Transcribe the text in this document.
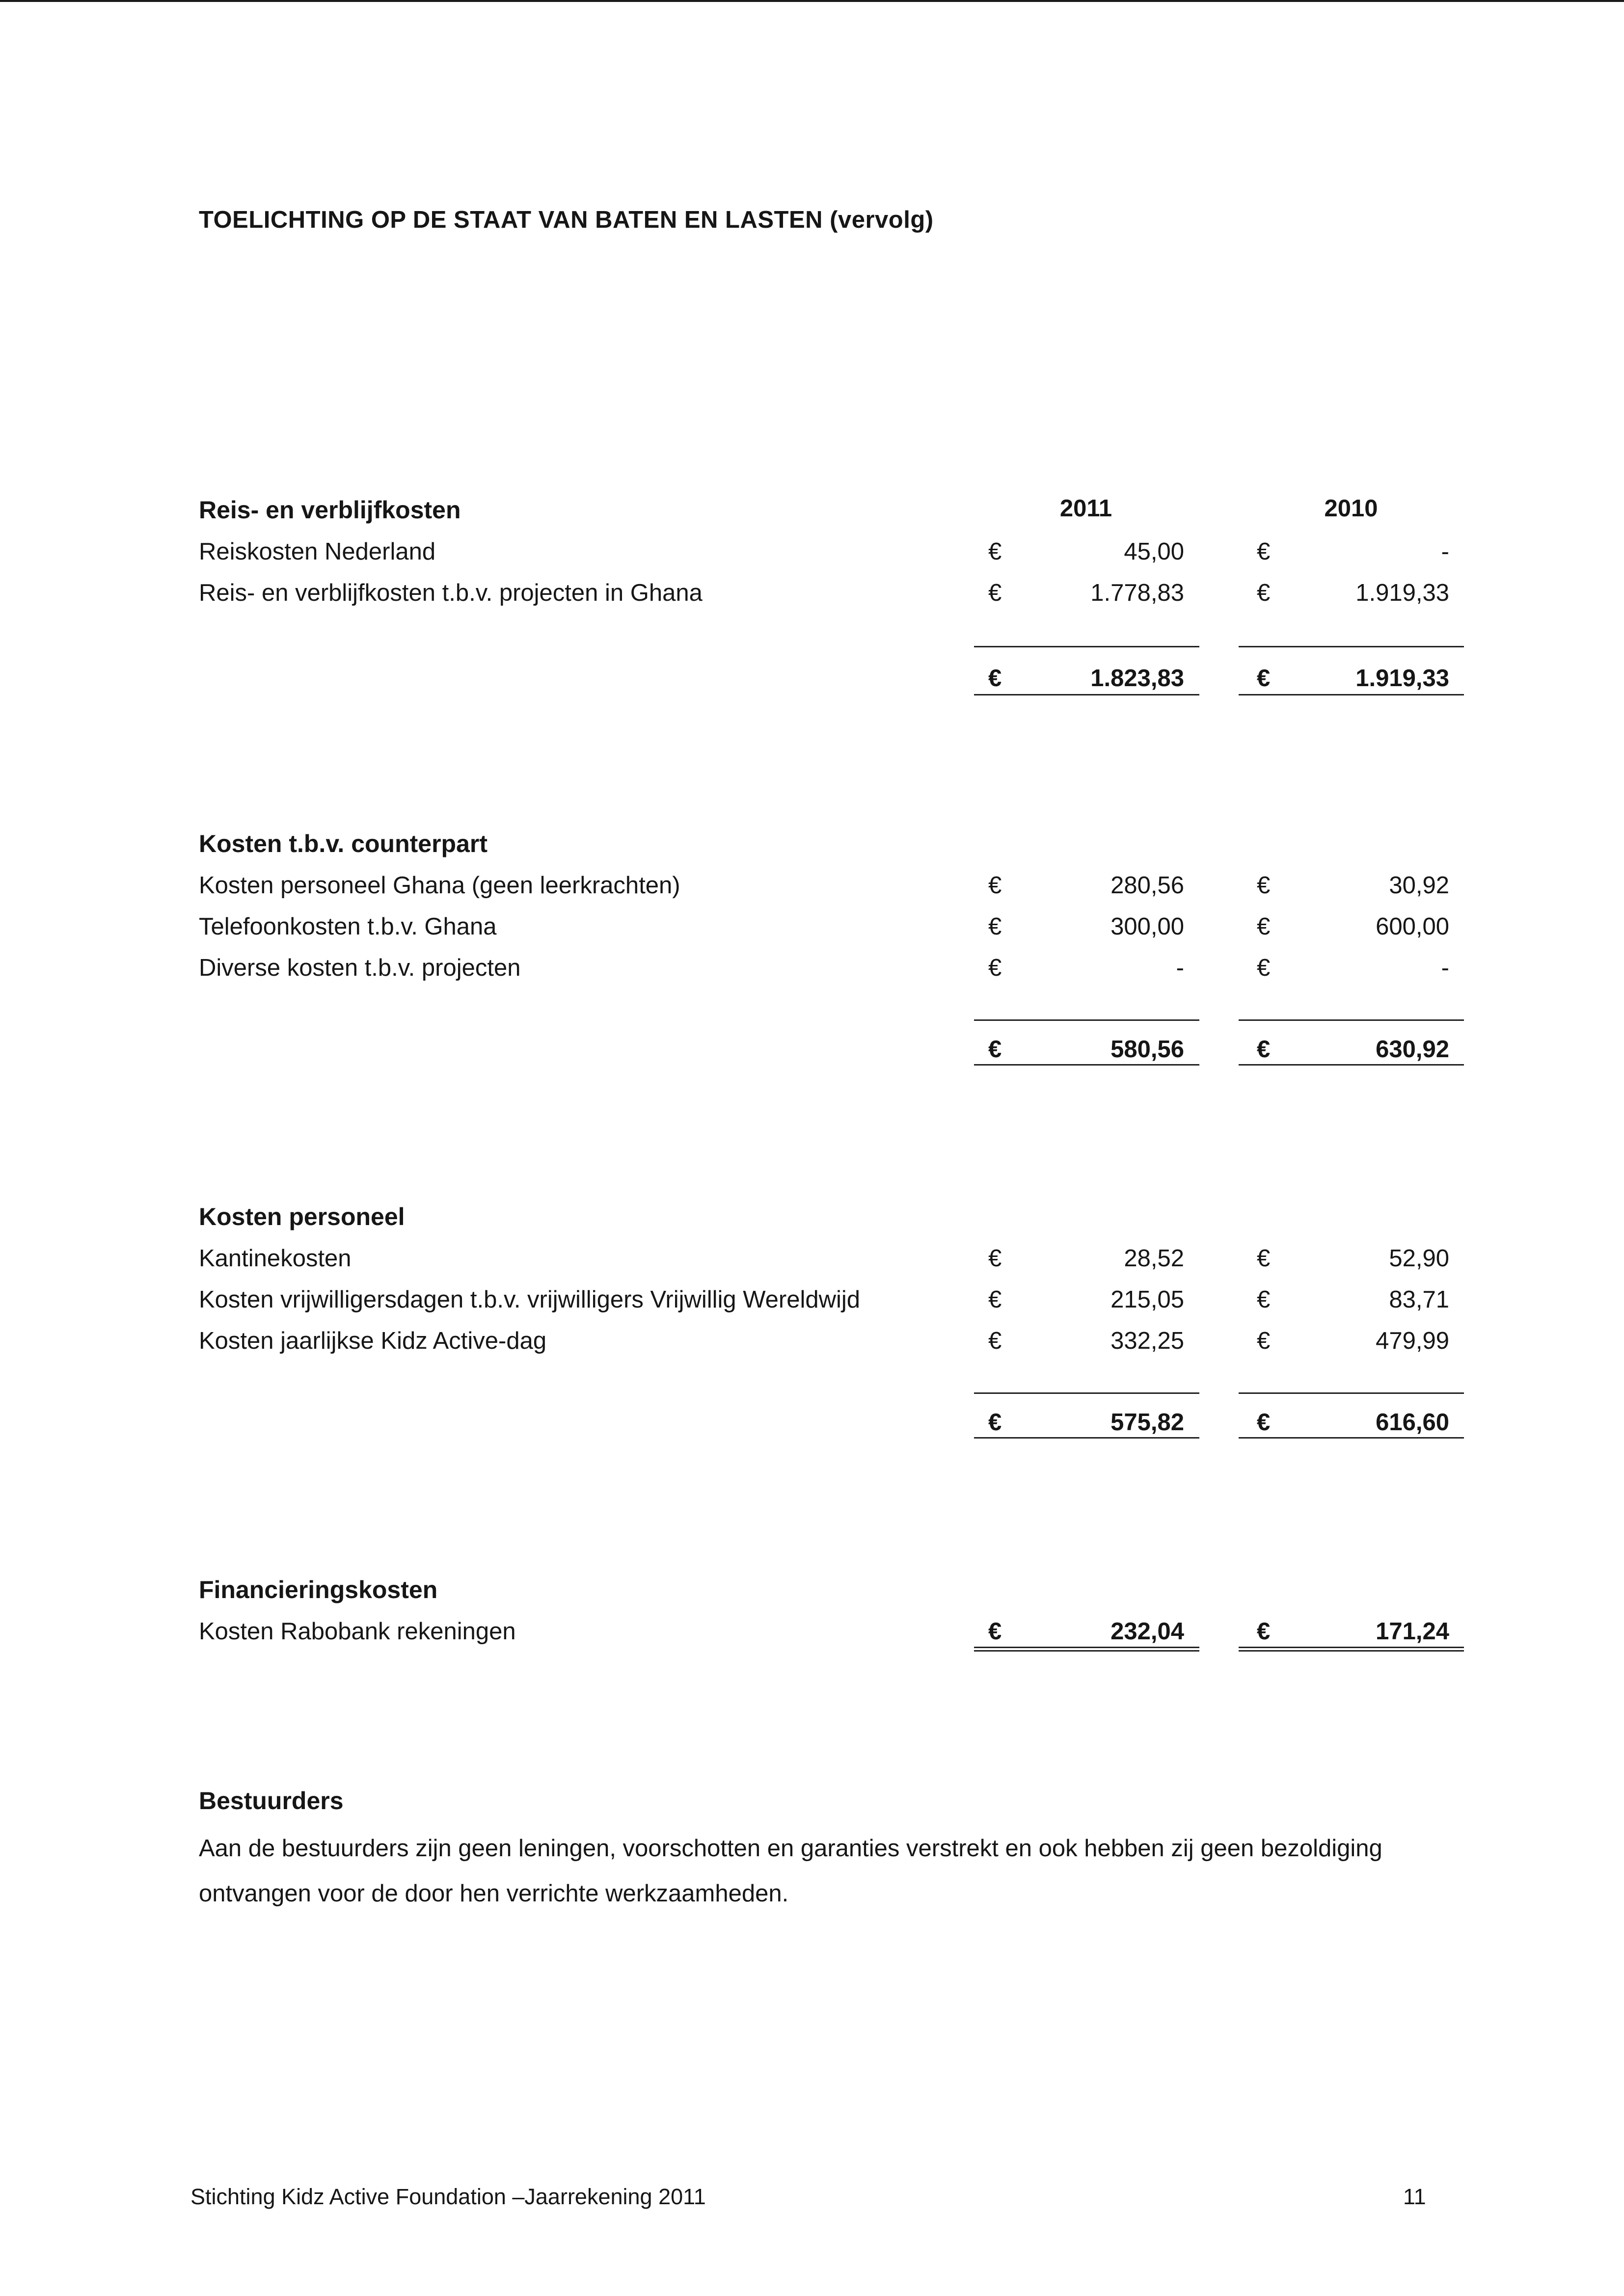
TOELICHTING OP DE STAAT VAN BATEN EN LASTEN (vervolg)
2011	2010
Reis- en verblijfkosten
Reiskosten Nederland	€	45,00	€	-
Reis- en verblijfkosten t.b.v. projecten in Ghana	€	1.778,83	€	1.919,33
€	1.823,83	€	1.919,33
Kosten t.b.v. counterpart
Kosten personeel Ghana (geen leerkrachten)	€	280,56	€	30,92
Telefoonkosten t.b.v. Ghana	€	300,00	€	600,00
Diverse kosten t.b.v. projecten	€	-	€	-
€	580,56	€	630,92
Kosten personeel
Kantinekosten	€	28,52	€	52,90
Kosten vrijwilligersdagen t.b.v. vrijwilligers Vrijwillig Wereldwijd	€	215,05	€	83,71
Kosten jaarlijkse Kidz Active-dag	€	332,25	€	479,99
€	575,82	€	616,60
Financieringskosten
Kosten Rabobank rekeningen	€	232,04	€	171,24
Bestuurders
Aan de bestuurders zijn geen leningen, voorschotten en garanties verstrekt en ook hebben zij geen bezoldiging ontvangen voor de door hen verrichte werkzaamheden.
Stichting Kidz Active Foundation –Jaarrekening 2011	11
